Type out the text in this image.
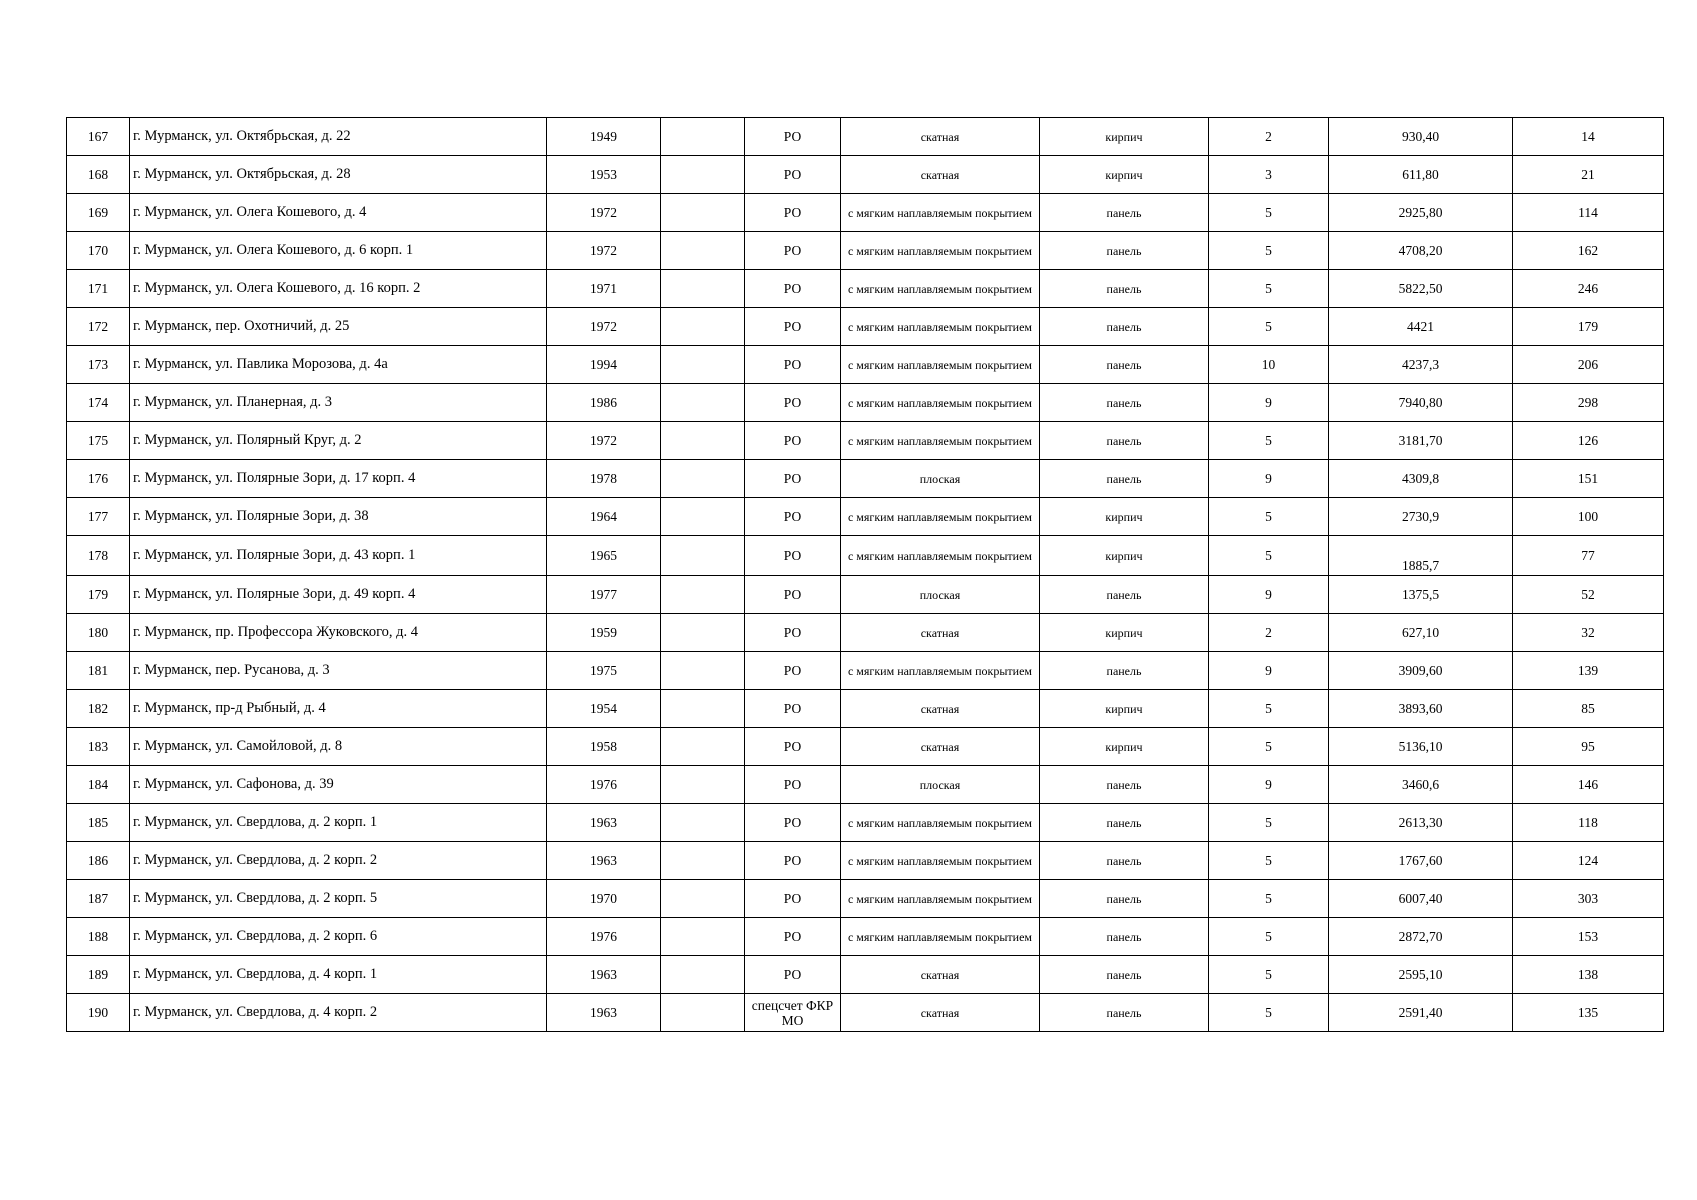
167	г. Мурманск, ул. Октябрьская, д. 22	1949		РО	скатная	кирпич	2	930,40	14
168	г. Мурманск, ул. Октябрьская, д. 28	1953		РО	скатная	кирпич	3	611,80	21
169	г. Мурманск, ул. Олега Кошевого, д. 4	1972		РО	с мягким наплавляемым покрытием	панель	5	2925,80	114
170	г. Мурманск, ул. Олега Кошевого, д. 6 корп. 1	1972		РО	с мягким наплавляемым покрытием	панель	5	4708,20	162
171	г. Мурманск, ул. Олега Кошевого, д. 16 корп. 2	1971		РО	с мягким наплавляемым покрытием	панель	5	5822,50	246
172	г. Мурманск, пер. Охотничий, д. 25	1972		РО	с мягким наплавляемым покрытием	панель	5	4421	179
173	г. Мурманск, ул. Павлика Морозова, д. 4а	1994		РО	с мягким наплавляемым покрытием	панель	10	4237,3	206
174	г. Мурманск, ул. Планерная, д. 3	1986		РО	с мягким наплавляемым покрытием	панель	9	7940,80	298
175	г. Мурманск, ул. Полярный Круг, д. 2	1972		РО	с мягким наплавляемым покрытием	панель	5	3181,70	126
176	г. Мурманск, ул. Полярные Зори, д. 17 корп. 4	1978		РО	плоская	панель	9	4309,8	151
177	г. Мурманск, ул. Полярные Зори, д. 38	1964		РО	с мягким наплавляемым покрытием	кирпич	5	2730,9	100
178	г. Мурманск, ул. Полярные Зори, д. 43 корп. 1	1965		РО	с мягким наплавляемым покрытием	кирпич	5	1885,7	77
179	г. Мурманск, ул. Полярные Зори, д. 49 корп. 4	1977		РО	плоская	панель	9	1375,5	52
180	г. Мурманск, пр. Профессора Жуковского, д. 4	1959		РО	скатная	кирпич	2	627,10	32
181	г. Мурманск, пер. Русанова, д. 3	1975		РО	с мягким наплавляемым покрытием	панель	9	3909,60	139
182	г. Мурманск, пр-д Рыбный, д. 4	1954		РО	скатная	кирпич	5	3893,60	85
183	г. Мурманск, ул. Самойловой, д. 8	1958		РО	скатная	кирпич	5	5136,10	95
184	г. Мурманск, ул. Сафонова, д. 39	1976		РО	плоская	панель	9	3460,6	146
185	г. Мурманск, ул. Свердлова, д. 2 корп. 1	1963		РО	с мягким наплавляемым покрытием	панель	5	2613,30	118
186	г. Мурманск, ул. Свердлова, д. 2 корп. 2	1963		РО	с мягким наплавляемым покрытием	панель	5	1767,60	124
187	г. Мурманск, ул. Свердлова, д. 2 корп. 5	1970		РО	с мягким наплавляемым покрытием	панель	5	6007,40	303
188	г. Мурманск, ул. Свердлова, д. 2 корп. 6	1976		РО	с мягким наплавляемым покрытием	панель	5	2872,70	153
189	г. Мурманск, ул. Свердлова, д. 4 корп. 1	1963		РО	скатная	панель	5	2595,10	138
190	г. Мурманск, ул. Свердлова, д. 4 корп. 2	1963		спецсчет ФКР МО	скатная	панель	5	2591,40	135
